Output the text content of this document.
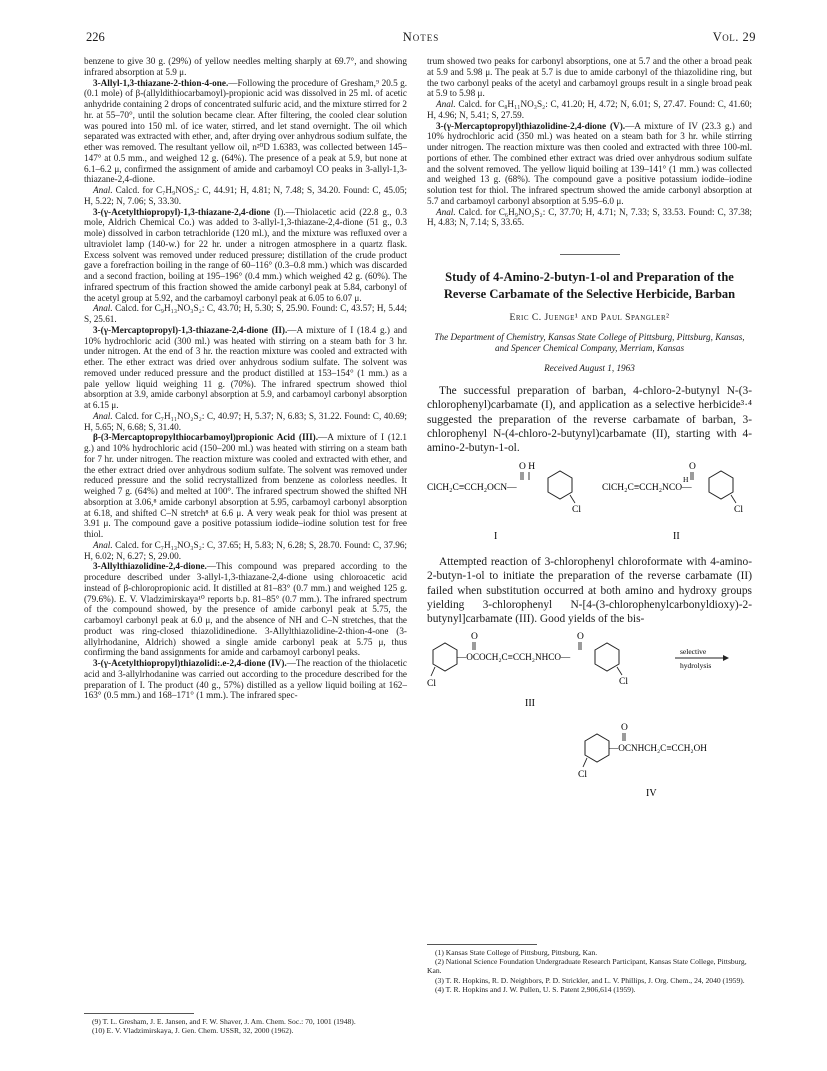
226	Notes	Vol. 29

benzene to give 30 g. (29%) of yellow needles melting sharply at 69.7°, and showing infrared absorption at 5.9 μ.

3-Allyl-1,3-thiazane-2-thion-4-one.—Following the procedure of Gresham,⁹ 20.5 g. (0.1 mole) of β-(allyldithiocarbamoyl)-propionic acid was dissolved in 25 ml. of acetic anhydride containing 2 drops of concentrated sulfuric acid, and the mixture stirred for 2 hr. at 55–70°, until the solution became clear. After filtering, the cooled clear solution was poured into 150 ml. of ice water, stirred, and let stand overnight. The oil which separated was extracted with ether, and, after drying over anhydrous sodium sulfate, the ether was removed. The resultant yellow oil, n²⁰D 1.6383, was collected between 145–147° at 0.5 mm., and weighed 12 g. (64%). The presence of a peak at 5.9, but none at 6.1–6.2 μ, confirmed the assignment of amide and carbamoyl CO peaks in 3-allyl-1,3-thiazane-2,4-dione.

Anal. Calcd. for C₇H₉NOS₂: C, 44.91; H, 4.81; N, 7.48; S, 34.20. Found: C, 45.05; H, 5.22; N, 7.06; S, 33.30.

3-(γ-Acetylthiopropyl)-1,3-thiazane-2,4-dione (I).—Thiolacetic acid (22.8 g., 0.3 mole, Aldrich Chemical Co.) was added to 3-allyl-1,3-thiazane-2,4-dione (51 g., 0.3 mole) dissolved in carbon tetrachloride (120 ml.), and the mixture was refluxed over a ultraviolet lamp (140-w.) for 22 hr. under a nitrogen atmosphere in a quartz flask. Excess solvent was removed under reduced pressure; distillation of the crude product gave a forefraction boiling in the range of 60–116° (0.3–0.8 mm.) which was discarded and a second fraction, boiling at 195–196° (0.4 mm.) which weighed 42 g. (60%). The infrared spectrum of this fraction showed the amide carbonyl peak at 5.84, carbonyl of the acetyl group at 5.92, and the carbamoyl carbonyl peak at 6.05 to 6.07 μ.

Anal. Calcd. for C₉H₁₃NO₃S₂: C, 43.70; H, 5.30; S, 25.90. Found: C, 43.57; H, 5.44; S, 25.61.

3-(γ-Mercaptopropyl)-1,3-thiazane-2,4-dione (II).—A mixture of I (18.4 g.) and 10% hydrochloric acid (300 ml.) was heated with stirring on a steam bath for 3 hr. under nitrogen. At the end of 3 hr. the reaction mixture was cooled and extracted with ether. The ether extract was dried over anhydrous sodium sulfate. The solvent was removed under reduced pressure and the product distilled at 153–154° (1 mm.) as a pale yellow liquid weighing 11 g. (70%). The infrared spectrum showed thiol absorption at 3.9, amide carbonyl absorption at 5.9, and carbamoyl carbonyl absorption at 6.15 μ.

Anal. Calcd. for C₇H₁₁NO₂S₂: C, 40.97; H, 5.37; N, 6.83; S, 31.22. Found: C, 40.69; H, 5.65; N, 6.68; S, 31.40.

β-(3-Mercaptopropylthiocarbamoyl)propionic Acid (III).—A mixture of I (12.1 g.) and 10% hydrochloric acid (150–200 ml.) was heated with stirring on a steam bath for 7 hr. under nitrogen. The reaction mixture was cooled and extracted with ether, and the ether extract dried over anhydrous sodium sulfate. The solvent was removed under reduced pressure and the solid recrystallized from benzene as colorless needles. It weighed 7 g. (64%) and melted at 100°. The infrared spectrum showed the shifted NH absorption at 3.06,⁸ amide carbonyl absorption at 5.95, carbamoyl carbonyl absorption at 6.18, and shifted C–N stretch⁸ at 6.6 μ. A very weak peak for thiol was present at 3.91 μ. The compound gave a positive potassium iodide–iodine solution test for free thiol.

Anal. Calcd. for C₇H₁₃NO₃S₂: C, 37.65; H, 5.83; N, 6.28; S, 28.70. Found: C, 37.96; H, 6.02; N, 6.27; S, 29.00.

3-Allylthiazolidine-2,4-dione.—This compound was prepared according to the procedure described under 3-allyl-1,3-thiazane-2,4-dione using chloroacetic acid instead of β-chloropropionic acid. It distilled at 81–83° (0.7 mm.) and weighed 125 g. (79.6%). E. V. Vladzimirskaya¹⁰ reports b.p. 81–85° (0.7 mm.). The infrared spectrum of the compound showed, by the presence of amide carbonyl peak at 5.75, the carbamoyl carbonyl peak at 6.0 μ, and the absence of NH and C–N stretches, that the product was ring-closed thiazolidinedione. 3-Allylthiazolidine-2-thion-4-one (3-allylrhodanine, Aldrich) showed a single amide carbonyl peak at 5.75 μ, thus confirming the band assignments for amide and carbamoyl carbonyl peaks.

3-(γ-Acetylthiopropyl)thiazolidi:.e-2,4-dione (IV).—The reaction of the thiolacetic acid and 3-allylrhodanine was carried out according to the procedure described for the preparation of I. The product (40 g., 57%) distilled as a yellow liquid boiling at 162–163° (0.5 mm.) and 168–171° (1 mm.). The infrared spec-

(9) T. L. Gresham, J. E. Jansen, and F. W. Shaver, J. Am. Chem. Soc.: 70, 1001 (1948).

(10) E. V. Vladzimirskaya, J. Gen. Chem. USSR, 32, 2000 (1962).

trum showed two peaks for carbonyl absorptions, one at 5.7 and the other a broad peak at 5.9 and 5.98 μ. The peak at 5.7 is due to amide carbonyl of the thiazolidine ring, but the two carbonyl peaks of the acetyl and carbamoyl groups result in a single broad peak at 5.9 to 5.98 μ.

Anal. Calcd. for C₈H₁₁NO₃S₂: C, 41.20; H, 4.72; N, 6.01; S, 27.47. Found: C, 41.60; H, 4.96; N, 5.41; S, 27.59.

3-(γ-Mercaptopropyl)thiazolidine-2,4-dione (V).—A mixture of IV (23.3 g.) and 10% hydrochloric acid (350 ml.) was heated on a steam bath for 3 hr. while stirring under nitrogen. The reaction mixture was then cooled and extracted with three 100-ml. portions of ether. The combined ether extract was dried over anhydrous sodium sulfate and the solvent removed. The yellow liquid boiling at 139–141° (1 mm.) was collected and weighed 13 g. (68%). The compound gave a positive potassium iodide–iodine solution test for thiol. The infrared spectrum showed the amide carbonyl absorption at 5.7 and carbamoyl carbonyl absorption at 5.95–6.0 μ.

Anal. Calcd. for C₆H₉NO₂S₂: C, 37.70; H, 4.71; N, 7.33; S, 33.53. Found: C, 37.38; H, 4.83; N, 7.14; S, 33.65.

Study of 4-Amino-2-butyn-1-ol and Preparation of the Reverse Carbamate of the Selective Herbicide, Barban

Eric C. Juenge¹ and Paul Spangler²
The Department of Chemistry, Kansas State College of Pittsburg, Pittsburg, Kansas, and Spencer Chemical Company, Merriam, Kansas
Received August 1, 1963

The successful preparation of barban, 4-chloro-2-butynyl N-(3-chlorophenyl)carbamate (I), and application as a selective herbicide³·⁴ suggested the preparation of the reverse carbamate of barban, 3-chlorophenyl N-(4-chloro-2-butynyl)carbamate (II), starting with 4-amino-2-butyn-1-ol.

O H
ClCH₂C≡CCH₂OCN—
Cl
I
O
H
ClCH₂C≡CCH₂NCO—
Cl
II

Attempted reaction of 3-chlorophenyl chloroformate with 4-amino-2-butyn-1-ol to initiate the preparation of the reverse carbamate (II) failed when substitution occurred at both amino and hydroxy groups yielding 3-chlorophenyl N-[4-(3-chlorophenylcarbonyldioxy)-2-butynyl]carbamate (III). Good yields of the bis-

Cl
O	O
—OCOCH₂C≡CCH₂NHCO—
Cl
selective
hydrolysis
III
O
Cl
—OCNHCH₂C≡CCH₂OH
IV

(1) Kansas State College of Pittsburg, Pittsburg, Kan.

(2) National Science Foundation Undergraduate Research Participant, Kansas State College, Pittsburg, Kan.

(3) T. R. Hopkins, R. D. Neighbors, P. D. Strickler, and L. V. Phillips, J. Org. Chem., 24, 2040 (1959).

(4) T. R. Hopkins and J. W. Pullen, U. S. Patent 2,906,614 (1959).
